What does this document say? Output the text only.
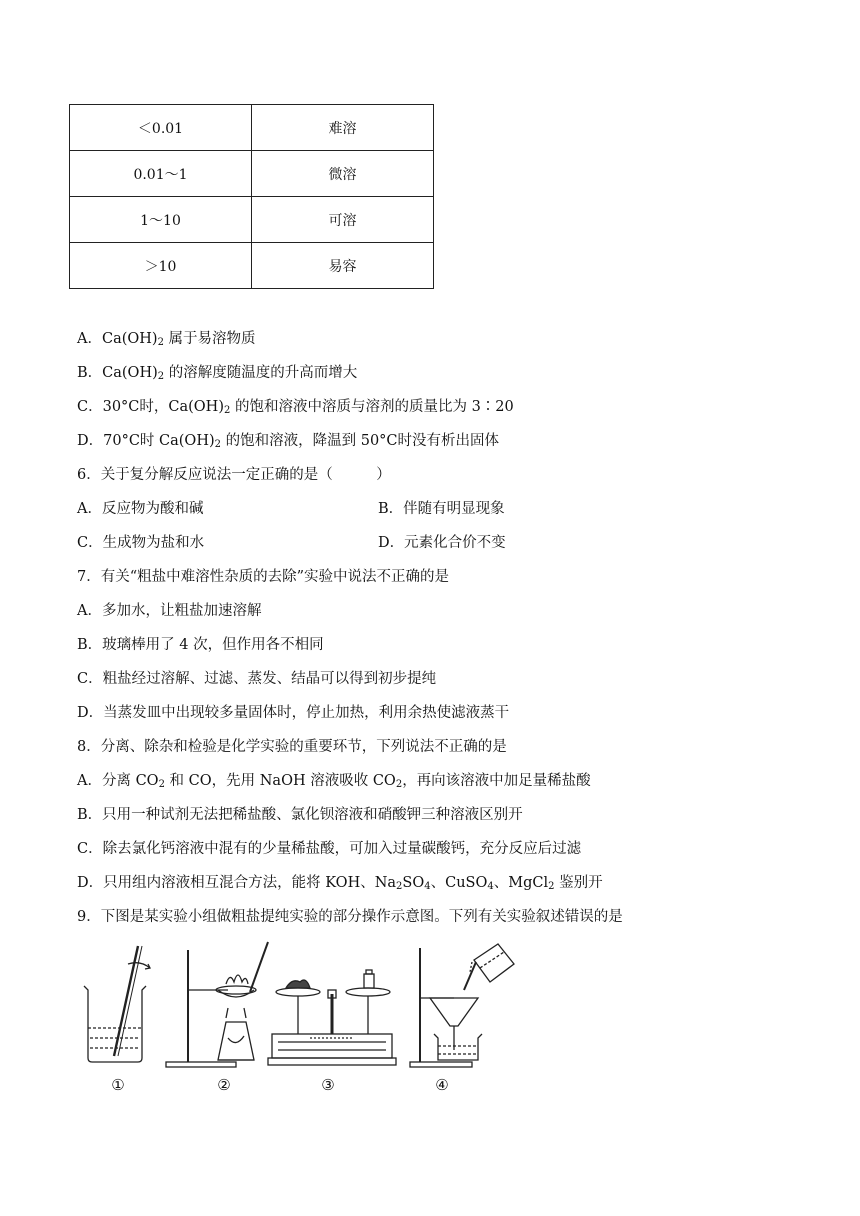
＜0.01	难溶
0.01～1	微溶
1～10	可溶
＞10	易容
A．$Ca(OH)_2$ 属于易溶物质
B．$Ca(OH)_2$ 的溶解度随温度的升高而增大
C．30°C时，$Ca(OH)_2$ 的饱和溶液中溶质与溶剂的质量比为 3∶20
D．70°C时 $Ca(OH)_2$ 的饱和溶液，降温到 50°C时没有析出固体
6．关于复分解反应说法一定正确的是（　　　）
A．反应物为酸和碱	B．伴随有明显现象
C．生成物为盐和水	D．元素化合价不变
7．有关“粗盐中难溶性杂质的去除”实验中说法不正确的是
A．多加水，让粗盐加速溶解
B．玻璃棒用了 4 次，但作用各不相同
C．粗盐经过溶解、过滤、蒸发、结晶可以得到初步提纯
D．当蒸发皿中出现较多量固体时，停止加热，利用余热使滤液蒸干
8．分离、除杂和检验是化学实验的重要环节，下列说法不正确的是
A．分离 $CO_2$ 和 CO，先用 NaOH 溶液吸收 $CO_2$，再向该溶液中加足量稀盐酸
B．只用一种试剂无法把稀盐酸、氯化钡溶液和硝酸钾三种溶液区别开
C．除去氯化钙溶液中混有的少量稀盐酸，可加入过量碳酸钙，充分反应后过滤
D．只用组内溶液相互混合方法，能将 KOH、$Na_2SO_4$、CuSO$_4$、MgCl$_2$ 鉴别开
9．下图是某实验小组做粗盐提纯实验的部分操作示意图。下列有关实验叙述错误的是
①	②	③	④
